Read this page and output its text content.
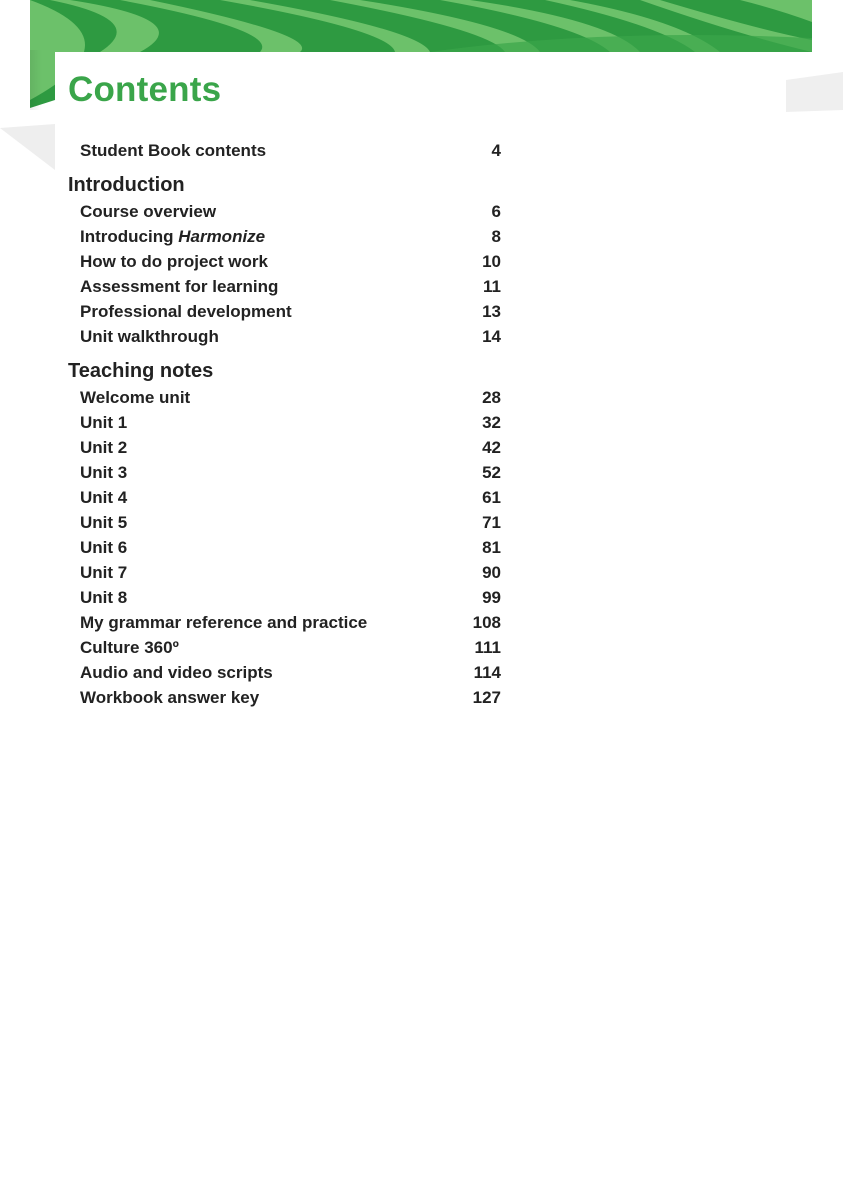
Contents
Student Book contents	4
Introduction
Course overview	6
Introducing Harmonize	8
How to do project work	10
Assessment for learning	11
Professional development	13
Unit walkthrough	14
Teaching notes
Welcome unit	28
Unit 1	32
Unit 2	42
Unit 3	52
Unit 4	61
Unit 5	71
Unit 6	81
Unit 7	90
Unit 8	99
My grammar reference and practice	108
Culture 360º	111
Audio and video scripts	114
Workbook answer key	127
